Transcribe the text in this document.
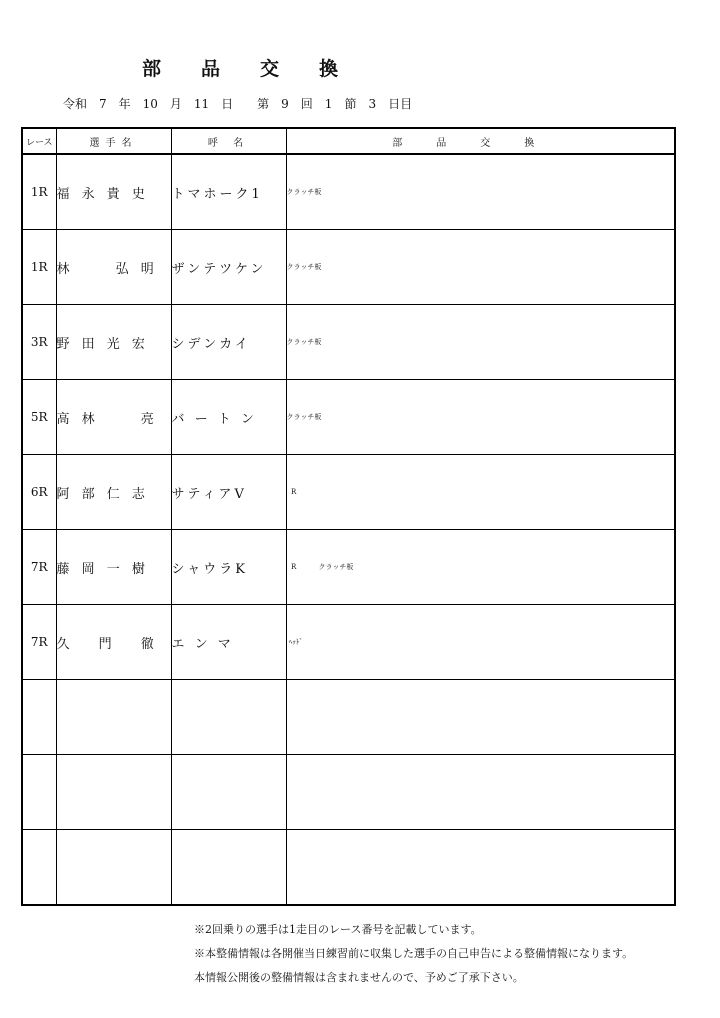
部品交換
令和　7　年　10　月　11　日　　第　9　回　1　節　3　日目
レース	選手名	呼 名	部品交換
1R	福 永 貴 史	トマホーク1	クラッチ板
1R	林 　　弘 明	ザンテツケン	クラッチ板
3R	野 田 光 宏	シデンカイ	クラッチ板
5R	高 林 　　亮	バ ー ト ン	クラッチ板
6R	阿 部 仁 志	サティアV	R
7R	藤 岡 一 樹	シャウラK	R          クラッチ板
7R	久 　門 　徹	エ ン マ	ﾍｯﾄﾞ

※2回乗りの選手は1走目のレース番号を記載しています。
※本整備情報は各開催当日練習前に収集した選手の自己申告による整備情報になります。
本情報公開後の整備情報は含まれませんので、予めご了承下さい。
